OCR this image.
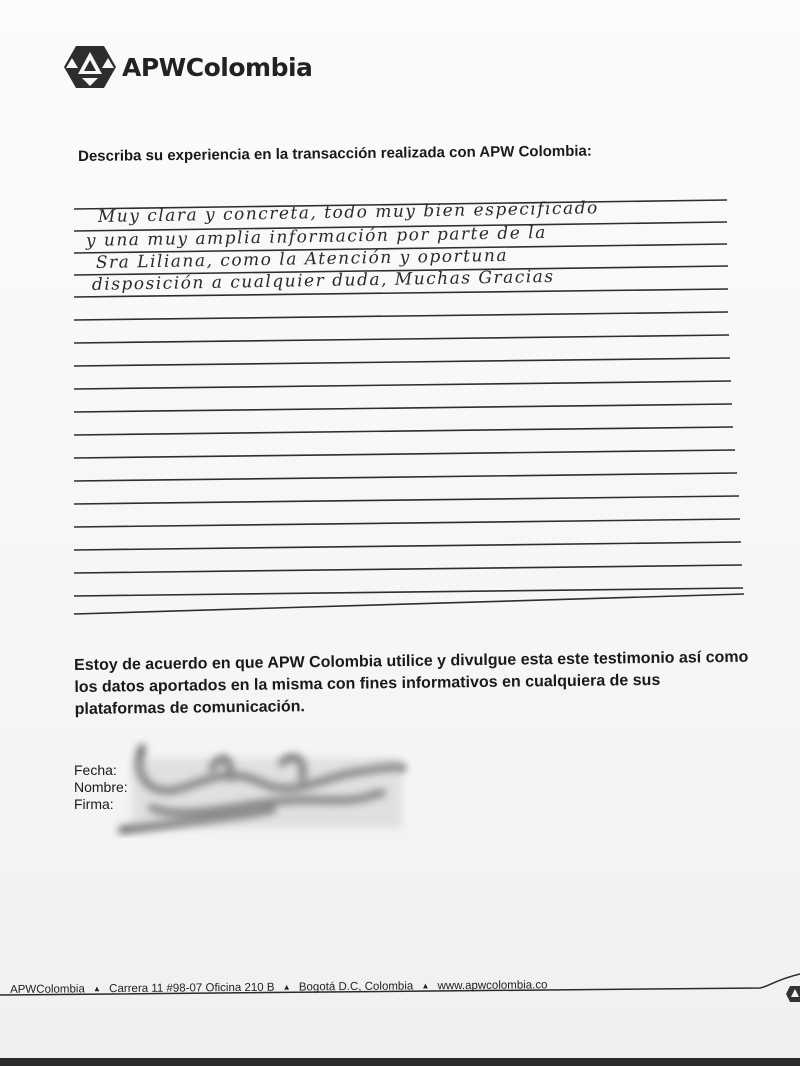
APWColombia
Describa su experiencia en la transacción realizada con APW Colombia:
Muy clara y concreta, todo muy bien especificado
y una muy amplia información por parte de la
Sra Liliana, como la Atención y oportuna
disposición a cualquier duda, Muchas Gracias
Estoy de acuerdo en que APW Colombia utilice y divulgue esta este testimonio así como los datos aportados en la misma con fines informativos en cualquiera de sus plataformas de comunicación.
Fecha:
Nombre:
Firma:
APWColombia ▲ Carrera 11 #98-07 Oficina 210 B ▲ Bogotá D.C, Colombia ▲ www.apwcolombia.co
